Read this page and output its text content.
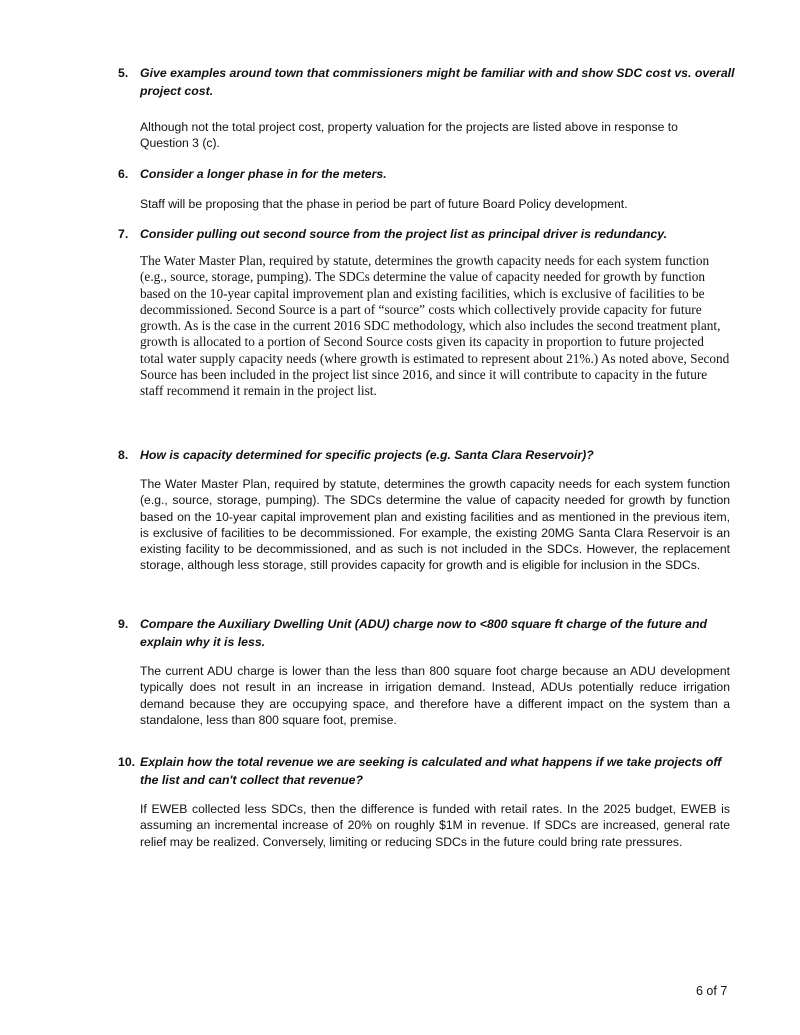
5. Give examples around town that commissioners might be familiar with and show SDC cost vs. overall project cost.
Although not the total project cost, property valuation for the projects are listed above in response to Question 3 (c).
6. Consider a longer phase in for the meters.
Staff will be proposing that the phase in period be part of future Board Policy development.
7. Consider pulling out second source from the project list as principal driver is redundancy.
The Water Master Plan, required by statute, determines the growth capacity needs for each system function (e.g., source, storage, pumping). The SDCs determine the value of capacity needed for growth by function based on the 10-year capital improvement plan and existing facilities, which is exclusive of facilities to be decommissioned. Second Source is a part of “source” costs which collectively provide capacity for future growth. As is the case in the current 2016 SDC methodology, which also includes the second treatment plant, growth is allocated to a portion of Second Source costs given its capacity in proportion to future projected total water supply capacity needs (where growth is estimated to represent about 21%.) As noted above, Second Source has been included in the project list since 2016, and since it will contribute to capacity in the future staff recommend it remain in the project list.
8. How is capacity determined for specific projects (e.g. Santa Clara Reservoir)?
The Water Master Plan, required by statute, determines the growth capacity needs for each system function (e.g., source, storage, pumping). The SDCs determine the value of capacity needed for growth by function based on the 10-year capital improvement plan and existing facilities and as mentioned in the previous item, is exclusive of facilities to be decommissioned. For example, the existing 20MG Santa Clara Reservoir is an existing facility to be decommissioned, and as such is not included in the SDCs. However, the replacement storage, although less storage, still provides capacity for growth and is eligible for inclusion in the SDCs.
9. Compare the Auxiliary Dwelling Unit (ADU) charge now to <800 square ft charge of the future and explain why it is less.
The current ADU charge is lower than the less than 800 square foot charge because an ADU development typically does not result in an increase in irrigation demand. Instead, ADUs potentially reduce irrigation demand because they are occupying space, and therefore have a different impact on the system than a standalone, less than 800 square foot, premise.
10. Explain how the total revenue we are seeking is calculated and what happens if we take projects off the list and can't collect that revenue?
If EWEB collected less SDCs, then the difference is funded with retail rates. In the 2025 budget, EWEB is assuming an incremental increase of 20% on roughly $1M in revenue. If SDCs are increased, general rate relief may be realized. Conversely, limiting or reducing SDCs in the future could bring rate pressures.
6 of 7
